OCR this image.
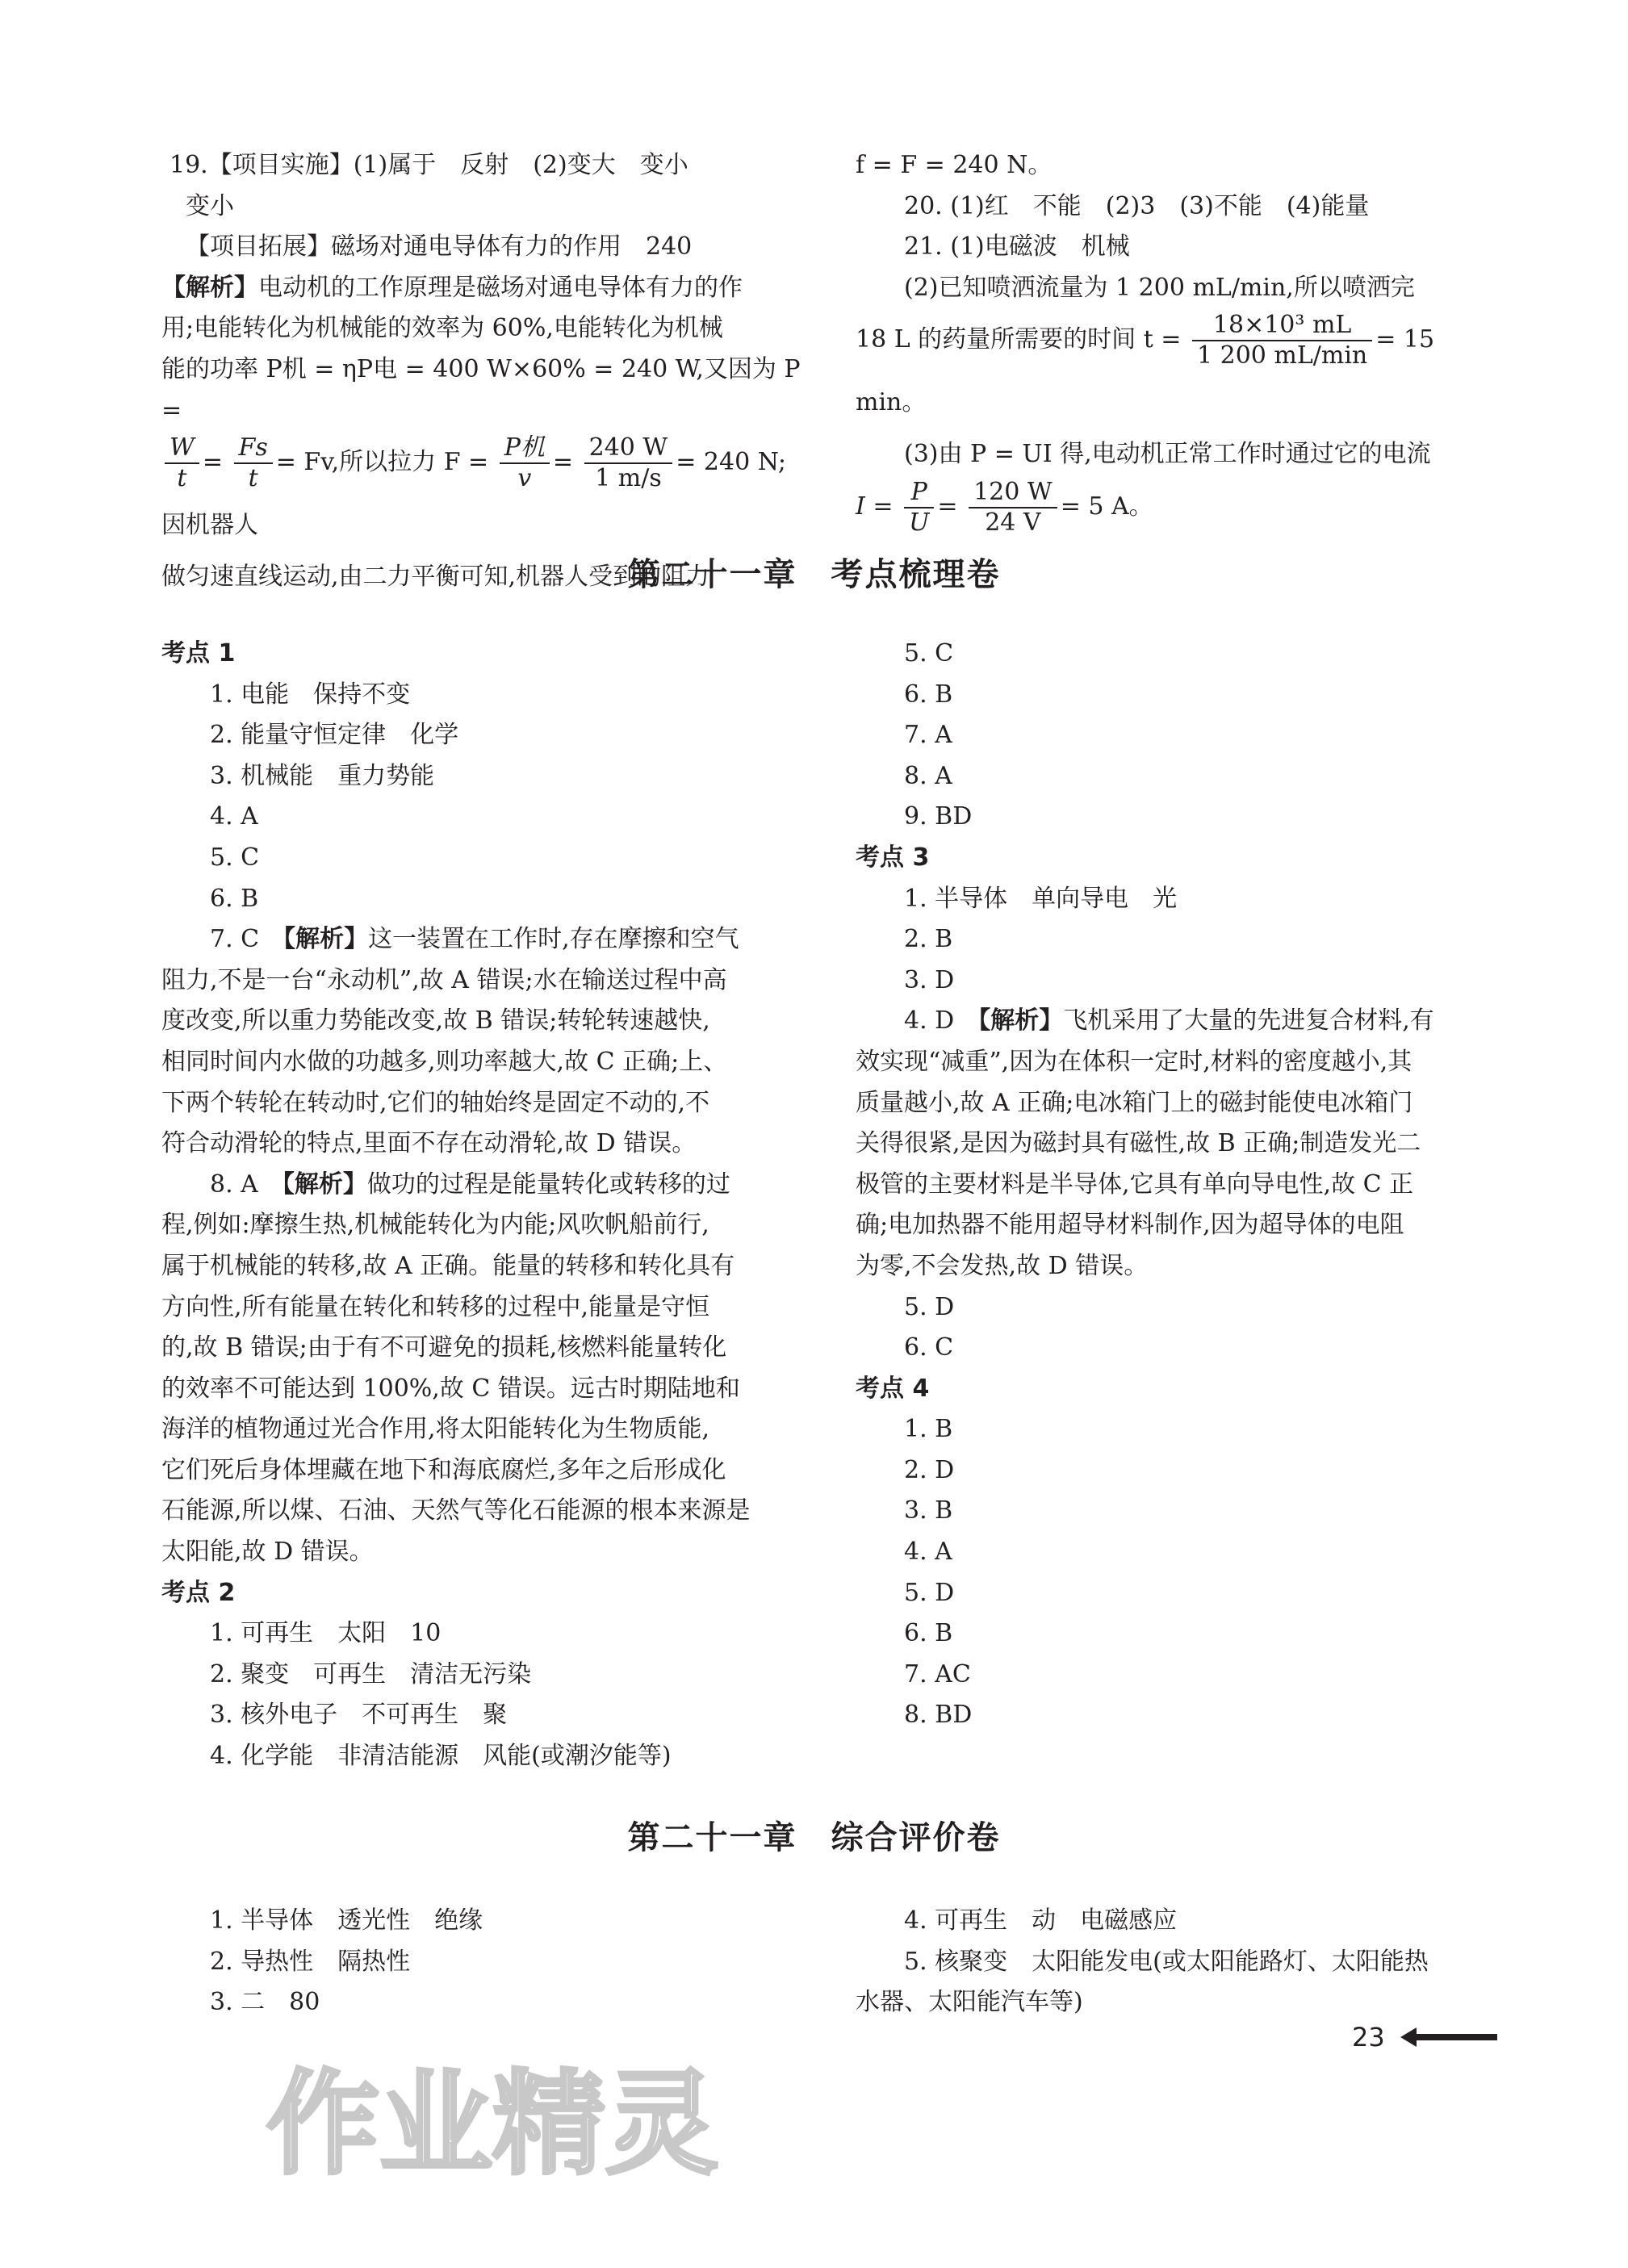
19.【项目实施】(1)属于　反射　(2)变大　变小

变小

【项目拓展】磁场对通电导体有力的作用　240

【解析】电动机的工作原理是磁场对通电导体有力的作

用;电能转化为机械能的效率为 60%,电能转化为机械

能的功率 P机 = ηP电 = 400 W×60% = 240 W,又因为 P =

$\frac{W}{t} = \frac{Fs}{t} = Fv$,所以拉力 $F = \frac{\text{P机}}{v} = \frac{240 W}{1 m/s} = 240$ N;因机器人

做匀速直线运动,由二力平衡可知,机器人受到的阻力

f = F = 240 N。

20. (1)红　不能　(2)3　(3)不能　(4)能量

21. (1)电磁波　机械

(2)已知喷洒流量为 1 200 mL/min,所以喷洒完

18 L 的药量所需要的时间 $t = \frac{\text{18×10³ mL}}{1 200 mL/\min} = 15$ min。

(3)由 P = UI 得,电动机正常工作时通过它的电流

$I = \frac{P}{U} = \frac{120 W}{24 V} = 5$ A。

第二十一章　考点梳理卷

考点 1

1. 电能　保持不变

2. 能量守恒定律　化学

3. 机械能　重力势能

4. A

5. C

6. B

7. C　【解析】这一装置在工作时,存在摩擦和空气

阻力,不是一台“永动机”,故 A 错误;水在输送过程中高

度改变,所以重力势能改变,故 B 错误;转轮转速越快,

相同时间内水做的功越多,则功率越大,故 C 正确;上、

下两个转轮在转动时,它们的轴始终是固定不动的,不

符合动滑轮的特点,里面不存在动滑轮,故 D 错误。

8. A　【解析】做功的过程是能量转化或转移的过

程,例如:摩擦生热,机械能转化为内能;风吹帆船前行,

属于机械能的转移,故 A 正确。能量的转移和转化具有

方向性,所有能量在转化和转移的过程中,能量是守恒

的,故 B 错误;由于有不可避免的损耗,核燃料能量转化

的效率不可能达到 100%,故 C 错误。远古时期陆地和

海洋的植物通过光合作用,将太阳能转化为生物质能,

它们死后身体埋藏在地下和海底腐烂,多年之后形成化

石能源,所以煤、石油、天然气等化石能源的根本来源是

太阳能,故 D 错误。

考点 2

1. 可再生　太阳　10

2. 聚变　可再生　清洁无污染

3. 核外电子　不可再生　聚

4. 化学能　非清洁能源　风能(或潮汐能等)

5. C

6. B

7. A

8. A

9. BD

考点 3

1. 半导体　单向导电　光

2. B

3. D

4. D　【解析】飞机采用了大量的先进复合材料,有

效实现“减重”,因为在体积一定时,材料的密度越小,其

质量越小,故 A 正确;电冰箱门上的磁封能使电冰箱门

关得很紧,是因为磁封具有磁性,故 B 正确;制造发光二

极管的主要材料是半导体,它具有单向导电性,故 C 正

确;电加热器不能用超导材料制作,因为超导体的电阻

为零,不会发热,故 D 错误。

5. D

6. C

考点 4

1. B

2. D

3. B

4. A

5. D

6. B

7. AC

8. BD

第二十一章　综合评价卷

1. 半导体　透光性　绝缘

2. 导热性　隔热性

3. 二　80

4. 可再生　动　电磁感应

5. 核聚变　太阳能发电(或太阳能路灯、太阳能热

水器、太阳能汽车等)

23
作业精灵
